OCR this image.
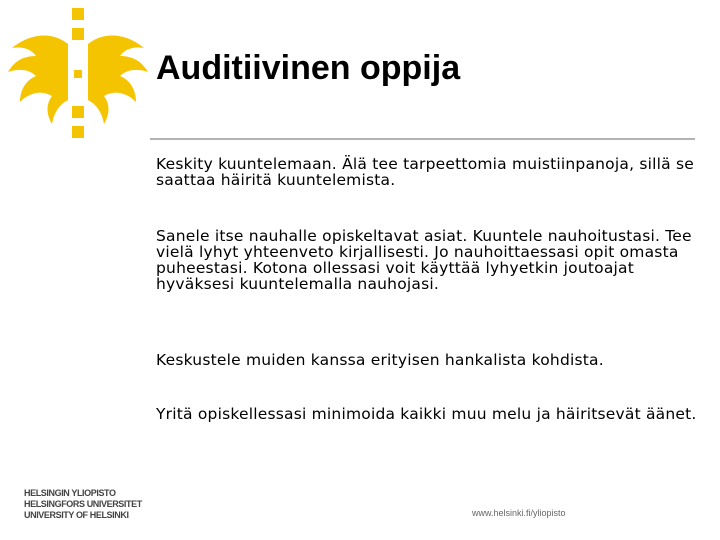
Auditiivinen oppija

Keskity kuuntelemaan. Älä tee tarpeettomia muistiinpanoja, sillä se saattaa häiritä kuuntelemista.

Sanele itse nauhalle opiskeltavat asiat. Kuuntele nauhoitustasi. Tee vielä lyhyt yhteenveto kirjallisesti. Jo nauhoittaessasi opit omasta puheestasi. Kotona ollessasi voit käyttää lyhyetkin joutoajat hyväksesi kuuntelemalla nauhojasi.

Keskustele muiden kanssa erityisen hankalista kohdista.

Yritä opiskellessasi minimoida kaikki muu melu ja häiritsevät äänet.

HELSINGIN YLIOPISTO
HELSINGFORS UNIVERSITET
UNIVERSITY OF HELSINKI	www.helsinki.fi/yliopisto
